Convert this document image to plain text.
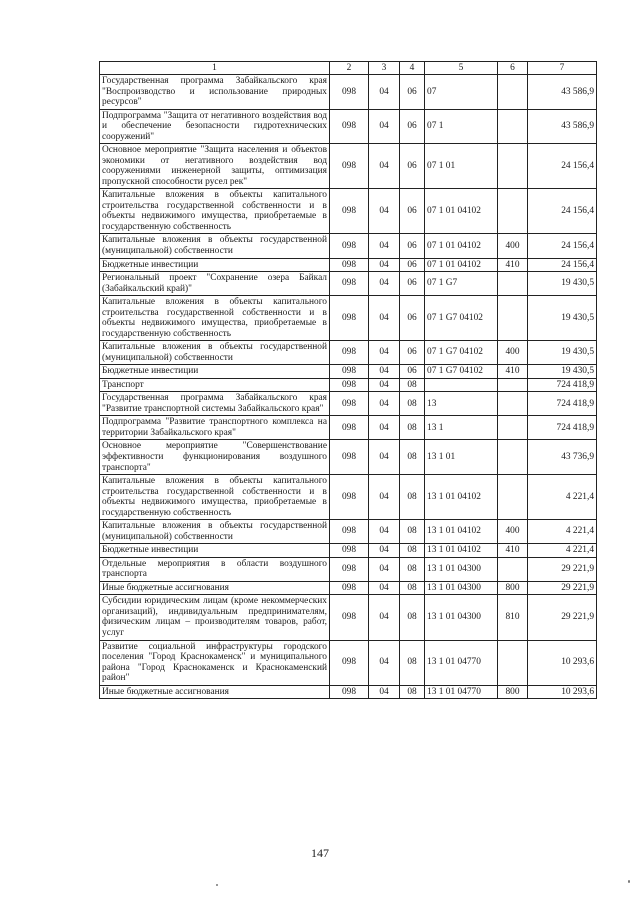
1	2	3	4	5	6	7
Государственная программа Забайкальского края "Воспроизводство и использование природных ресурсов"	098	04	06	07		43 586,9
Подпрограмма "Защита от негативного воздействия вод и обеспечение безопасности гидротехнических сооружений"	098	04	06	07 1		43 586,9
Основное мероприятие "Защита населения и объектов экономики от негативного воздействия вод сооружениями инженерной защиты, оптимизация пропускной способности русел рек"	098	04	06	07 1 01		24 156,4
Капитальные вложения в объекты капитального строительства государственной собственности и в объекты недвижимого имущества, приобретаемые в государственную собственность	098	04	06	07 1 01 04102		24 156,4
Капитальные вложения в объекты государственной (муниципальной) собственности	098	04	06	07 1 01 04102	400	24 156,4
Бюджетные инвестиции	098	04	06	07 1 01 04102	410	24 156,4
Региональный проект "Сохранение озера Байкал (Забайкальский край)"	098	04	06	07 1 G7		19 430,5
Капитальные вложения в объекты капитального строительства государственной собственности и в объекты недвижимого имущества, приобретаемые в государственную собственность	098	04	06	07 1 G7 04102		19 430,5
Капитальные вложения в объекты государственной (муниципальной) собственности	098	04	06	07 1 G7 04102	400	19 430,5
Бюджетные инвестиции	098	04	06	07 1 G7 04102	410	19 430,5
Транспорт	098	04	08			724 418,9
Государственная программа Забайкальского края "Развитие транспортной системы Забайкальского края"	098	04	08	13		724 418,9
Подпрограмма "Развитие транспортного комплекса на территории Забайкальского края"	098	04	08	13 1		724 418,9
Основное мероприятие "Совершенствование эффективности функционирования воздушного транспорта"	098	04	08	13 1 01		43 736,9
Капитальные вложения в объекты капитального строительства государственной собственности и в объекты недвижимого имущества, приобретаемые в государственную собственность	098	04	08	13 1 01 04102		4 221,4
Капитальные вложения в объекты государственной (муниципальной) собственности	098	04	08	13 1 01 04102	400	4 221,4
Бюджетные инвестиции	098	04	08	13 1 01 04102	410	4 221,4
Отдельные мероприятия в области воздушного транспорта	098	04	08	13 1 01 04300		29 221,9
Иные бюджетные ассигнования	098	04	08	13 1 01 04300	800	29 221,9
Субсидии юридическим лицам (кроме некоммерческих организаций), индивидуальным предпринимателям, физическим лицам – производителям товаров, работ, услуг	098	04	08	13 1 01 04300	810	29 221,9
Развитие социальной инфраструктуры городского поселения "Город Краснокаменск" и муниципального района "Город Краснокаменск и Краснокаменский район"	098	04	08	13 1 01 04770		10 293,6
Иные бюджетные ассигнования	098	04	08	13 1 01 04770	800	10 293,6
147
